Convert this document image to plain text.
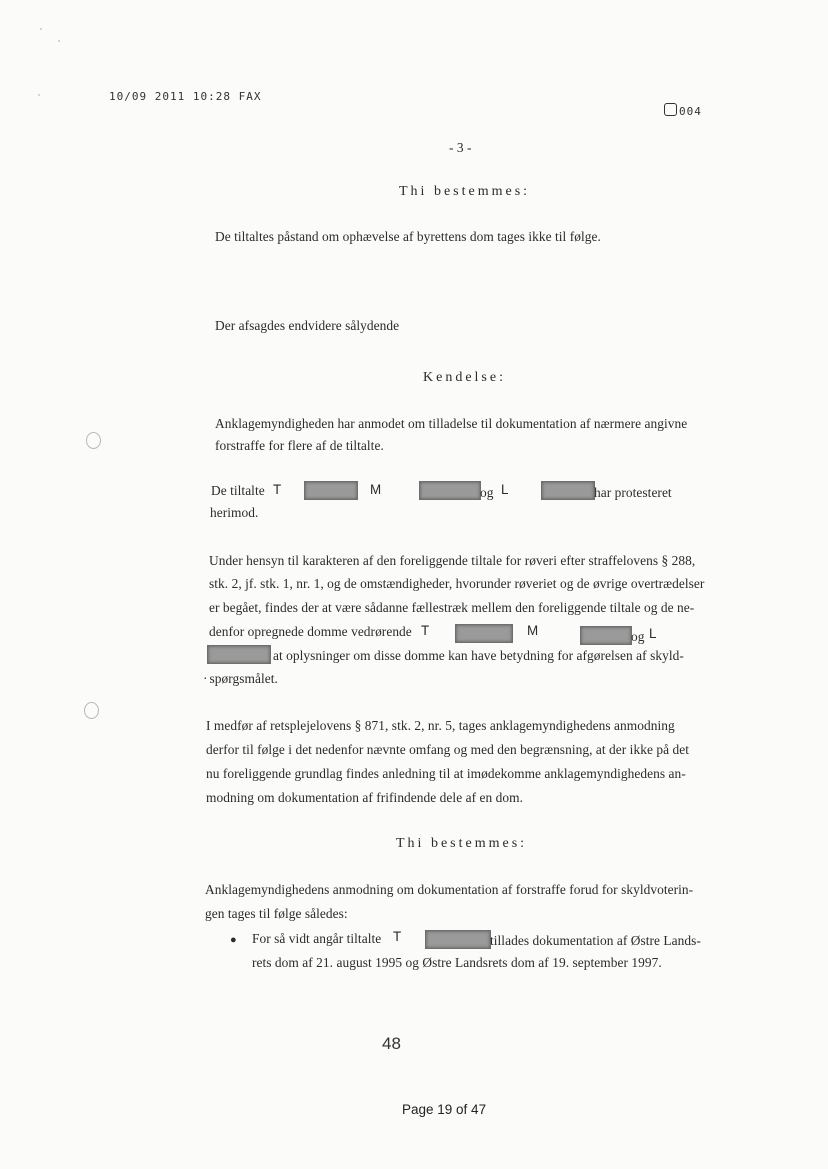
10/09 2011 10:28 FAX
004
- 3 -
Thi bestemmes:
De tiltaltes påstand om ophævelse af byrettens dom tages ikke til følge.
Der afsagdes endvidere sålydende
Kendelse:
Anklagemyndigheden har anmodet om tilladelse til dokumentation af nærmere angivne
forstraffe for flere af de tiltalte.
De tiltalte T	M	og L	har protesteret
herimod.
Under hensyn til karakteren af den foreliggende tiltale for røveri efter straffelovens § 288,
stk. 2, jf. stk. 1, nr. 1, og de omstændigheder, hvorunder røveriet og de øvrige overtrædelser
er begået, findes der at være sådanne fællestræk mellem den foreliggende tiltale og de ne-
denfor opregnede domme vedrørende T	M	og L
at oplysninger om disse domme kan have betydning for afgørelsen af skyld-
· spørgsmålet.
I medfør af retsplejelovens § 871, stk. 2, nr. 5, tages anklagemyndighedens anmodning
derfor til følge i det nedenfor nævnte omfang og med den begrænsning, at der ikke på det
nu foreliggende grundlag findes anledning til at imødekomme anklagemyndighedens an-
modning om dokumentation af frifindende dele af en dom.
Thi bestemmes:
Anklagemyndighedens anmodning om dokumentation af forstraffe forud for skyldvoterin-
gen tages til følge således:
● For så vidt angår tiltalte T	tillades dokumentation af Østre Lands-
rets dom af 21. august 1995 og Østre Landsrets dom af 19. september 1997.
48
Page 19 of 47
